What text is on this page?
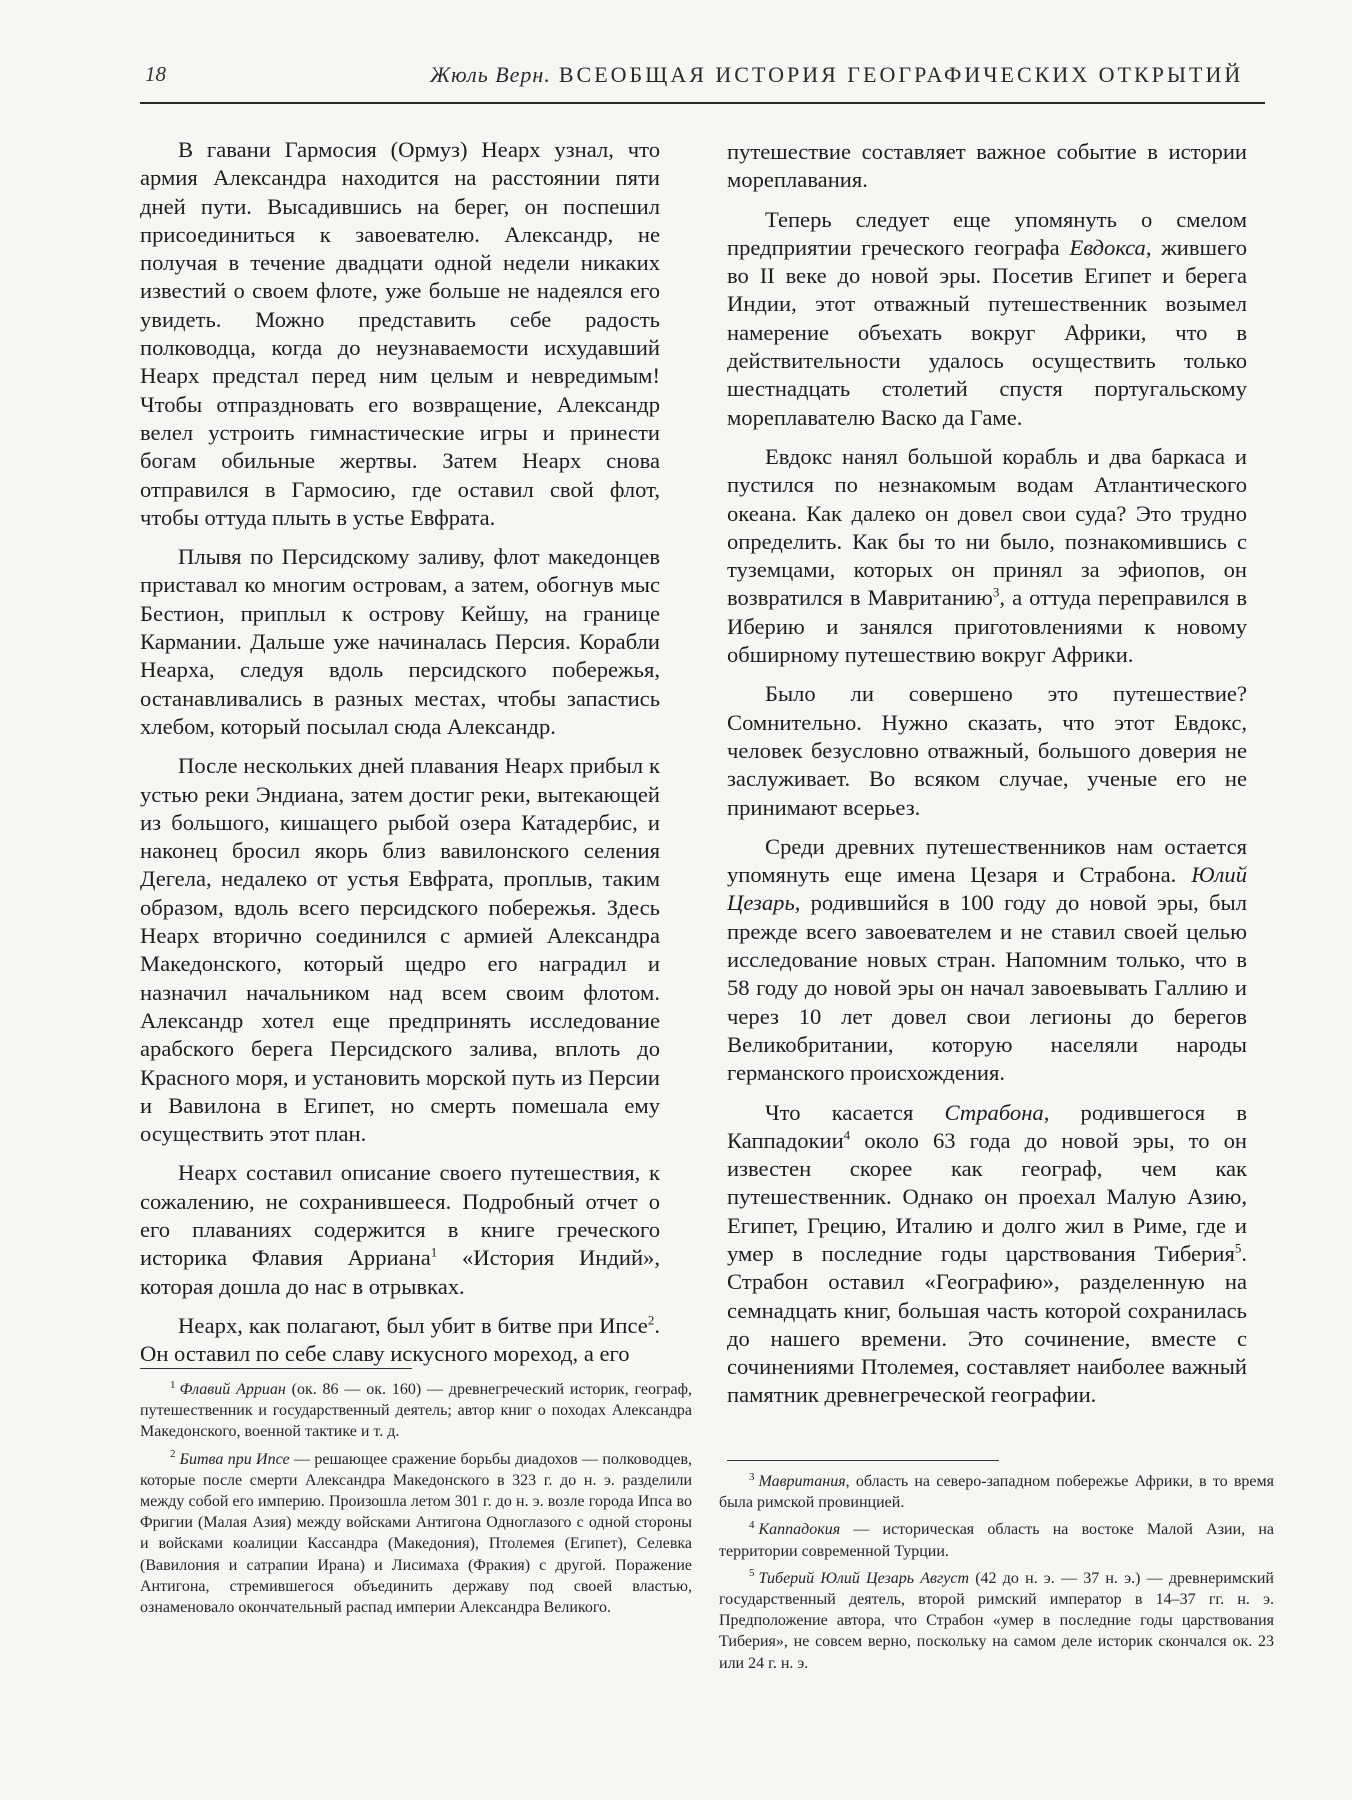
18	Жюль Верн. ВСЕОБЩАЯ ИСТОРИЯ ГЕОГРАФИЧЕСКИХ ОТКРЫТИЙ

В гавани Гармосия (Ормуз) Неарх узнал, что армия Александра находится на расстоянии пяти дней пути. Высадившись на берег, он поспешил присоединиться к завоевателю. Александр, не получая в течение двадцати одной недели никаких известий о своем флоте, уже больше не надеялся его увидеть. Можно представить себе радость полководца, когда до неузнаваемости исхудавший Неарх предстал перед ним целым и невредимым! Чтобы отпраздновать его возвращение, Александр велел устроить гимнастические игры и принести богам обильные жертвы. Затем Неарх снова отправился в Гармосию, где оставил свой флот, чтобы оттуда плыть в устье Евфрата.

Плывя по Персидскому заливу, флот македонцев приставал ко многим островам, а затем, обогнув мыс Бестион, приплыл к острову Кейшу, на границе Кармании. Дальше уже начиналась Персия. Корабли Неарха, следуя вдоль персидского побережья, останавливались в разных местах, чтобы запастись хлебом, который посылал сюда Александр.

После нескольких дней плавания Неарх прибыл к устью реки Эндиана, затем достиг реки, вытекающей из большого, кишащего рыбой озера Катадербис, и наконец бросил якорь близ вавилонского селения Дегела, недалеко от устья Евфрата, проплыв, таким образом, вдоль всего персидского побережья. Здесь Неарх вторично соединился с армией Александра Македонского, который щедро его наградил и назначил начальником над всем своим флотом. Александр хотел еще предпринять исследование арабского берега Персидского залива, вплоть до Красного моря, и установить морской путь из Персии и Вавилона в Египет, но смерть помешала ему осуществить этот план.

Неарх составил описание своего путешествия, к сожалению, не сохранившееся. Подробный отчет о его плаваниях содержится в книге греческого историка Флавия Арриана$^1$ «История Индий», которая дошла до нас в отрывках.

Неарх, как полагают, был убит в битве при Ипсе$^2$. Он оставил по себе славу искусного мореход, а его

путешествие составляет важное событие в истории мореплавания.

Теперь следует еще упомянуть о смелом предприятии греческого географа Евдокса, жившего во II веке до новой эры. Посетив Египет и берега Индии, этот отважный путешественник возымел намерение объехать вокруг Африки, что в действительности удалось осуществить только шестнадцать столетий спустя португальскому мореплавателю Васко да Гаме.

Евдокс нанял большой корабль и два баркаса и пустился по незнакомым водам Атлантического океана. Как далеко он довел свои суда? Это трудно определить. Как бы то ни было, познакомившись с туземцами, которых он принял за эфиопов, он возвратился в Мавританию$^3$, а оттуда переправился в Иберию и занялся приготовлениями к новому обширному путешествию вокруг Африки.

Было ли совершено это путешествие? Сомнительно. Нужно сказать, что этот Евдокс, человек безусловно отважный, большого доверия не заслуживает. Во всяком случае, ученые его не принимают всерьез.

Среди древних путешественников нам остается упомянуть еще имена Цезаря и Страбона. Юлий Цезарь, родившийся в 100 году до новой эры, был прежде всего завоевателем и не ставил своей целью исследование новых стран. Напомним только, что в 58 году до новой эры он начал завоевывать Галлию и через 10 лет довел свои легионы до берегов Великобритании, которую населяли народы германского происхождения.

Что касается Страбона, родившегося в Каппадокии$^4$ около 63 года до новой эры, то он известен скорее как географ, чем как путешественник. Однако он проехал Малую Азию, Египет, Грецию, Италию и долго жил в Риме, где и умер в последние годы царствования Тиберия$^5$. Страбон оставил «Географию», разделенную на семнадцать книг, большая часть которой сохранилась до нашего времени. Это сочинение, вместе с сочинениями Птолемея, составляет наиболее важный памятник древнегреческой географии.

$^1$ Флавий Арриан (ок. 86 — ок. 160) — древнегреческий историк, географ, путешественник и государственный деятель; автор книг о походах Александра Македонского, военной тактике и т. д.

$^2$ Битва при Ипсе — решающее сражение борьбы диадохов — полководцев, которые после смерти Александра Македонского в 323 г. до н. э. разделили между собой его империю. Произошла летом 301 г. до н. э. возле города Ипса во Фригии (Малая Азия) между войсками Антигона Одноглазого с одной стороны и войсками коалиции Кассандра (Македония), Птолемея (Египет), Селевка (Вавилония и сатрапии Ирана) и Лисимаха (Фракия) с другой. Поражение Антигона, стремившегося объединить державу под своей властью, ознаменовало окончательный распад империи Александра Великого.

$^3$ Мавритания, область на северо-западном побережье Африки, в то время была римской провинцией.

$^4$ Каппадокия — историческая область на востоке Малой Азии, на территории современной Турции.

$^5$ Тиберий Юлий Цезарь Август (42 до н. э. — 37 н. э.) — древнеримский государственный деятель, второй римский император в 14–37 гг. н. э. Предположение автора, что Страбон «умер в последние годы царствования Тиберия», не совсем верно, поскольку на самом деле историк скончался ок. 23 или 24 г. н. э.
